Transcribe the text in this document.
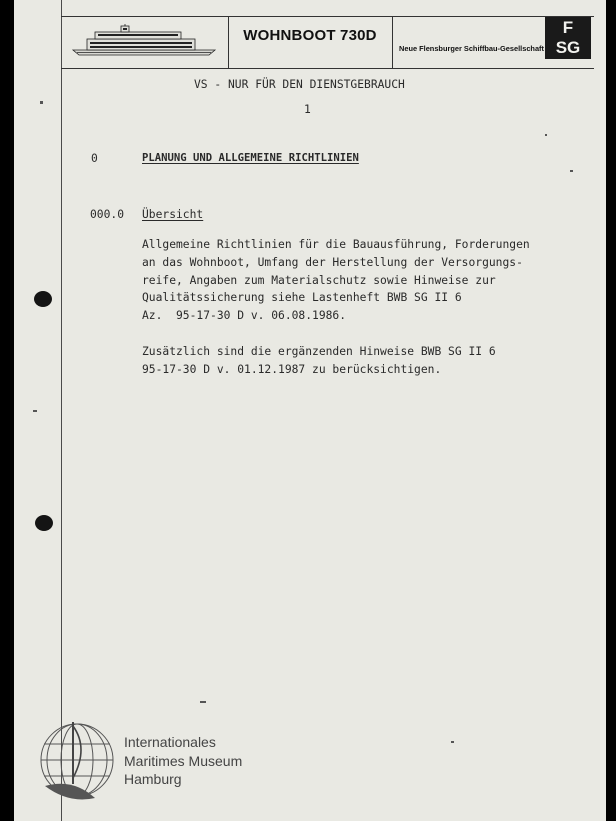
WOHNBOOT 730D
Neue Flensburger Schiffbau-Gesellschaft
F
SG
VS - NUR FÜR DEN DIENSTGEBRAUCH
1
0	PLANUNG UND ALLGEMEINE RICHTLINIEN
000.0 Übersicht
Allgemeine Richtlinien für die Bauausführung, Forderungen
an das Wohnboot, Umfang der Herstellung der Versorgungs-
reife, Angaben zum Materialschutz sowie Hinweise zur
Qualitätssicherung siehe Lastenheft BWB SG II 6
Az.  95-17-30 D v. 06.08.1986.
Zusätzlich sind die ergänzenden Hinweise BWB SG II 6
95-17-30 D v. 01.12.1987 zu berücksichtigen.
Internationales
Maritimes Museum
Hamburg
